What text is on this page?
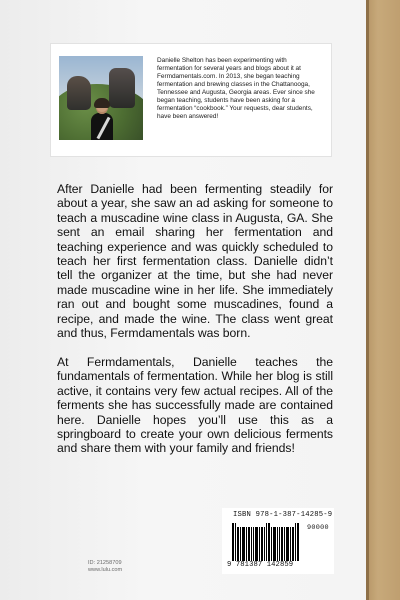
Danielle Shelton has been experimenting with fermentation for several years and blogs about it at Fermdamentals.com. In 2013, she began teaching fermentation and brewing classes in the Chattanooga, Tennessee and Augusta, Georgia areas. Ever since she began teaching, students have been asking for a fermentation “cookbook.” Your requests, dear students, have been answered!

After Danielle had been fermenting steadily for about a year, she saw an ad asking for someone to teach a muscadine wine class in Augusta, GA. She sent an email sharing her fermentation and teaching experience and was quickly scheduled to teach her first fermentation class. Danielle didn’t tell the organizer at the time, but she had never made muscadine wine in her life. She immediately ran out and bought some muscadines, found a recipe, and made the wine. The class went great and thus, Fermdamentals was born.

At Fermdamentals, Danielle teaches the fundamentals of fermentation. While her blog is still active, it contains very few actual recipes. All of the ferments she has successfully made are contained here. Danielle hopes you’ll use this as a springboard to create your own delicious ferments and share them with your family and friends!

ISBN 978-1-387-14285-9

90000

9 781387 142859

ID: 21258709
www.lulu.com
